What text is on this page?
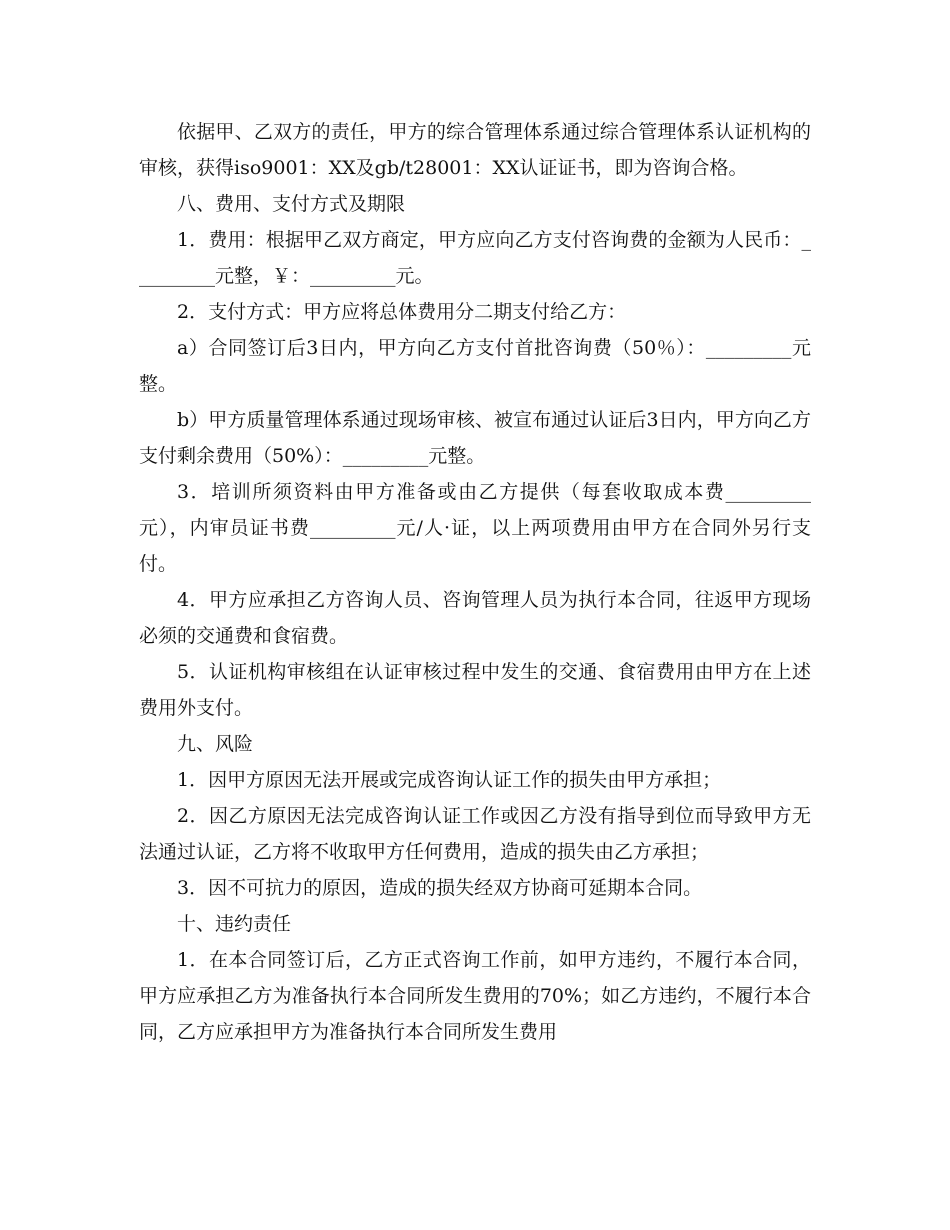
依据甲、乙双方的责任，甲方的综合管理体系通过综合管理体系认证机构的审核，获得iso9001：XX及gb/t28001：XX认证证书，即为咨询合格。

八、费用、支付方式及期限

1．费用：根据甲乙双方商定，甲方应向乙方支付咨询费的金额为人民币：_________元整，￥：_________元。

2．支付方式：甲方应将总体费用分二期支付给乙方：

a）合同签订后3日内，甲方向乙方支付首批咨询费（50％）：_________元整。

b）甲方质量管理体系通过现场审核、被宣布通过认证后3日内，甲方向乙方支付剩余费用（50%）：_________元整。

3．培训所须资料由甲方准备或由乙方提供（每套收取成本费_________元），内审员证书费_________元/人·证，以上两项费用由甲方在合同外另行支付。

4．甲方应承担乙方咨询人员、咨询管理人员为执行本合同，往返甲方现场必须的交通费和食宿费。

5．认证机构审核组在认证审核过程中发生的交通、食宿费用由甲方在上述费用外支付。

九、风险

1．因甲方原因无法开展或完成咨询认证工作的损失由甲方承担；

2．因乙方原因无法完成咨询认证工作或因乙方没有指导到位而导致甲方无法通过认证，乙方将不收取甲方任何费用，造成的损失由乙方承担；

3．因不可抗力的原因，造成的损失经双方协商可延期本合同。

十、违约责任

1．在本合同签订后，乙方正式咨询工作前，如甲方违约，不履行本合同，甲方应承担乙方为准备执行本合同所发生费用的70%；如乙方违约，不履行本合同，乙方应承担甲方为准备执行本合同所发生费用
